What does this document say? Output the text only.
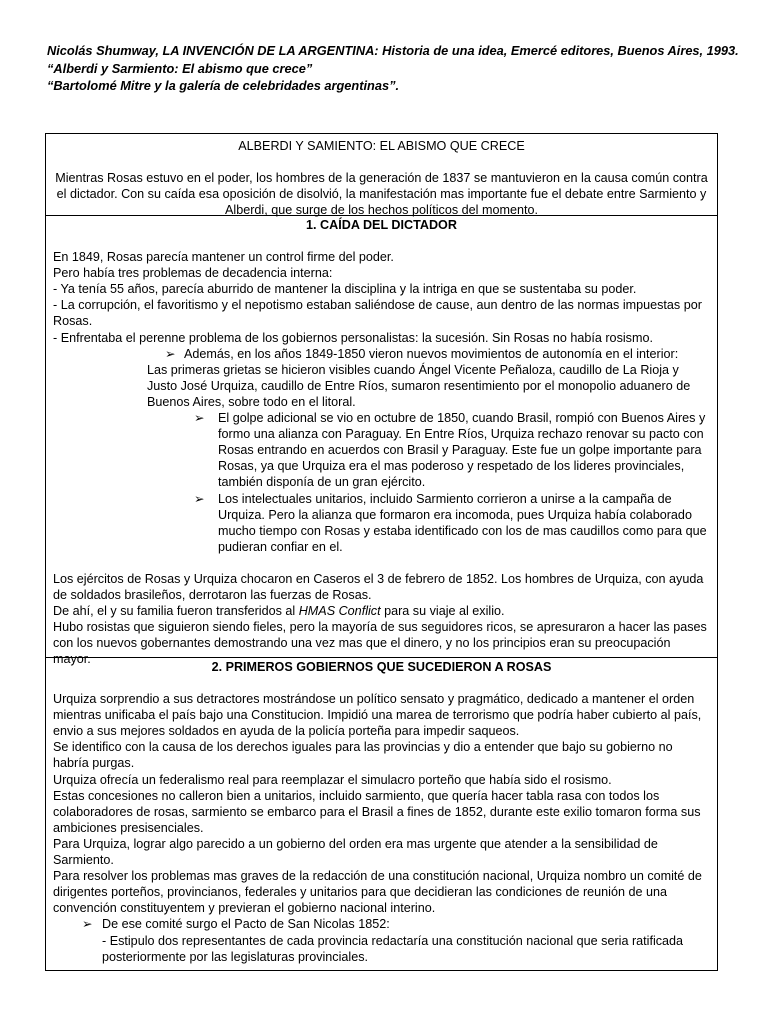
Nicolás Shumway, LA INVENCIÓN DE LA ARGENTINA: Historia de una idea, Emercé editores, Buenos Aires, 1993.
“Alberdi y Sarmiento: El abismo que crece”
“Bartolomé Mitre y la galería de celebridades argentinas”.
ALBERDI Y SAMIENTO: EL ABISMO QUE CRECE
Mientras Rosas estuvo en el poder, los hombres de la generación de 1837 se mantuvieron en la causa común contra el dictador. Con su caída esa oposición de disolvió, la manifestación mas importante fue el debate entre Sarmiento y Alberdi, que surge de los hechos políticos del momento.
1. CAÍDA DEL DICTADOR
En 1849, Rosas parecía mantener un control firme del poder.
Pero había tres problemas de decadencia interna:
- Ya tenía 55 años, parecía aburrido de mantener la disciplina y la intriga en que se sustentaba su poder.
- La corrupción, el favoritismo y el nepotismo estaban saliéndose de cause, aun dentro de las normas impuestas por Rosas.
- Enfrentaba el perenne problema de los gobiernos personalistas: la sucesión. Sin Rosas no había rosismo.
➢ Además, en los años 1849-1850 vieron nuevos movimientos de autonomía en el interior:
Las primeras grietas se hicieron visibles cuando Ángel Vicente Peñaloza, caudillo de La Rioja y Justo José Urquiza, caudillo de Entre Ríos, sumaron resentimiento por el monopolio aduanero de Buenos Aires, sobre todo en el litoral.
➢ El golpe adicional se vio en octubre de 1850, cuando Brasil, rompió con Buenos Aires y formo una alianza con Paraguay. En Entre Ríos, Urquiza rechazo renovar su pacto con Rosas entrando en acuerdos con Brasil y Paraguay. Este fue un golpe importante para Rosas, ya que Urquiza era el mas poderoso y respetado de los lideres provinciales, también disponía de un gran ejército.
➢ Los intelectuales unitarios, incluido Sarmiento corrieron a unirse a la campaña de Urquiza. Pero la alianza que formaron era incomoda, pues Urquiza había colaborado mucho tiempo con Rosas y estaba identificado con los de mas caudillos como para que pudieran confiar en el.
Los ejércitos de Rosas y Urquiza chocaron en Caseros el 3 de febrero de 1852. Los hombres de Urquiza, con ayuda de soldados brasileños, derrotaron las fuerzas de Rosas.
De ahí, el y su familia fueron transferidos al HMAS Conflict para su viaje al exilio.
Hubo rosistas que siguieron siendo fieles, pero la mayoría de sus seguidores ricos, se apresuraron a hacer las pases con los nuevos gobernantes demostrando una vez mas que el dinero, y no los principios eran su preocupación mayor.
2. PRIMEROS GOBIERNOS QUE SUCEDIERON A ROSAS
Urquiza sorprendio a sus detractores mostrándose un político sensato y pragmático, dedicado a mantener el orden mientras unificaba el país bajo una Constitucion. Impidió una marea de terrorismo que podría haber cubierto al país, envio a sus mejores soldados en ayuda de la policía porteña para impedir saqueos.
Se identifico con la causa de los derechos iguales para las provincias y dio a entender que bajo su gobierno no habría purgas.
Urquiza ofrecía un federalismo real para reemplazar el simulacro porteño que había sido el rosismo.
Estas concesiones no calleron bien a unitarios, incluido sarmiento, que quería hacer tabla rasa con todos los colaboradores de rosas, sarmiento se embarco para el Brasil a fines de 1852, durante este exilio tomaron forma sus ambiciones presisenciales.
Para Urquiza, lograr algo parecido a un gobierno del orden era mas urgente que atender a la sensibilidad de Sarmiento.
Para resolver los problemas mas graves de la redacción de una constitución nacional, Urquiza nombro un comité de dirigentes porteños, provincianos, federales y unitarios para que decidieran las condiciones de reunión de una convención constituyentem y previeran el gobierno nacional interino.
➢ De ese comité surgo el Pacto de San Nicolas 1852:
- Estipulo dos representantes de cada provincia redactaría una constitución nacional que seria ratificada posteriormente por las legislaturas provinciales.
